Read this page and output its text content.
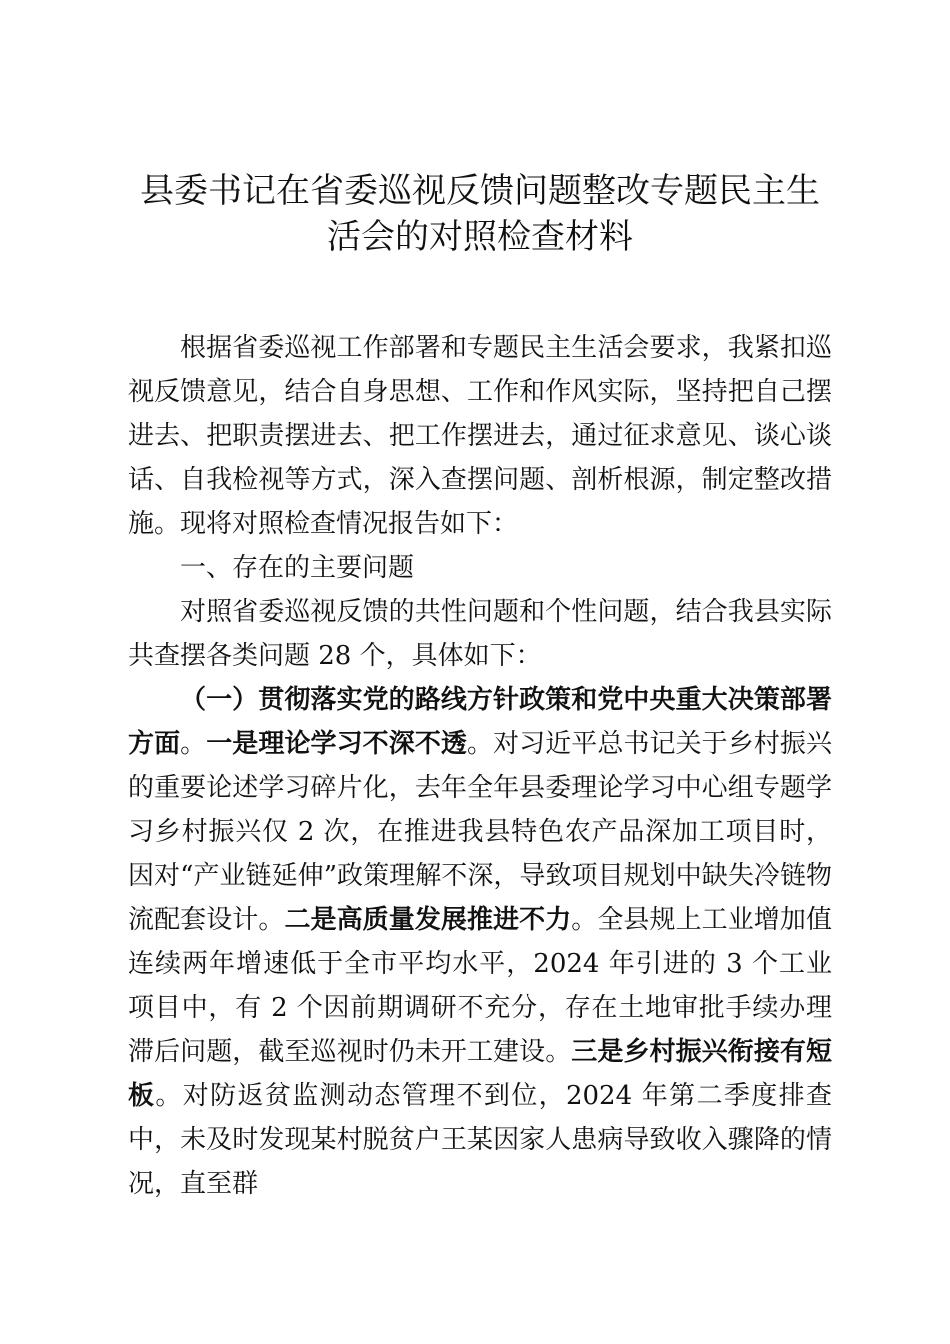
县委书记在省委巡视反馈问题整改专题民主生活会的对照检查材料

根据省委巡视工作部署和专题民主生活会要求，我紧扣巡视反馈意见，结合自身思想、工作和作风实际，坚持把自己摆进去、把职责摆进去、把工作摆进去，通过征求意见、谈心谈话、自我检视等方式，深入查摆问题、剖析根源，制定整改措施。现将对照检查情况报告如下：

一、存在的主要问题

对照省委巡视反馈的共性问题和个性问题，结合我县实际共查摆各类问题 28 个，具体如下：

（一）贯彻落实党的路线方针政策和党中央重大决策部署方面。一是理论学习不深不透。对习近平总书记关于乡村振兴的重要论述学习碎片化，去年全年县委理论学习中心组专题学习乡村振兴仅 2 次，在推进我县特色农产品深加工项目时，因对“产业链延伸”政策理解不深，导致项目规划中缺失冷链物流配套设计。二是高质量发展推进不力。全县规上工业增加值连续两年增速低于全市平均水平，2024 年引进的 3 个工业项目中，有 2 个因前期调研不充分，存在土地审批手续办理滞后问题，截至巡视时仍未开工建设。三是乡村振兴衔接有短板。对防返贫监测动态管理不到位，2024 年第二季度排查中，未及时发现某村脱贫户王某因家人患病导致收入骤降的情况，直至群
